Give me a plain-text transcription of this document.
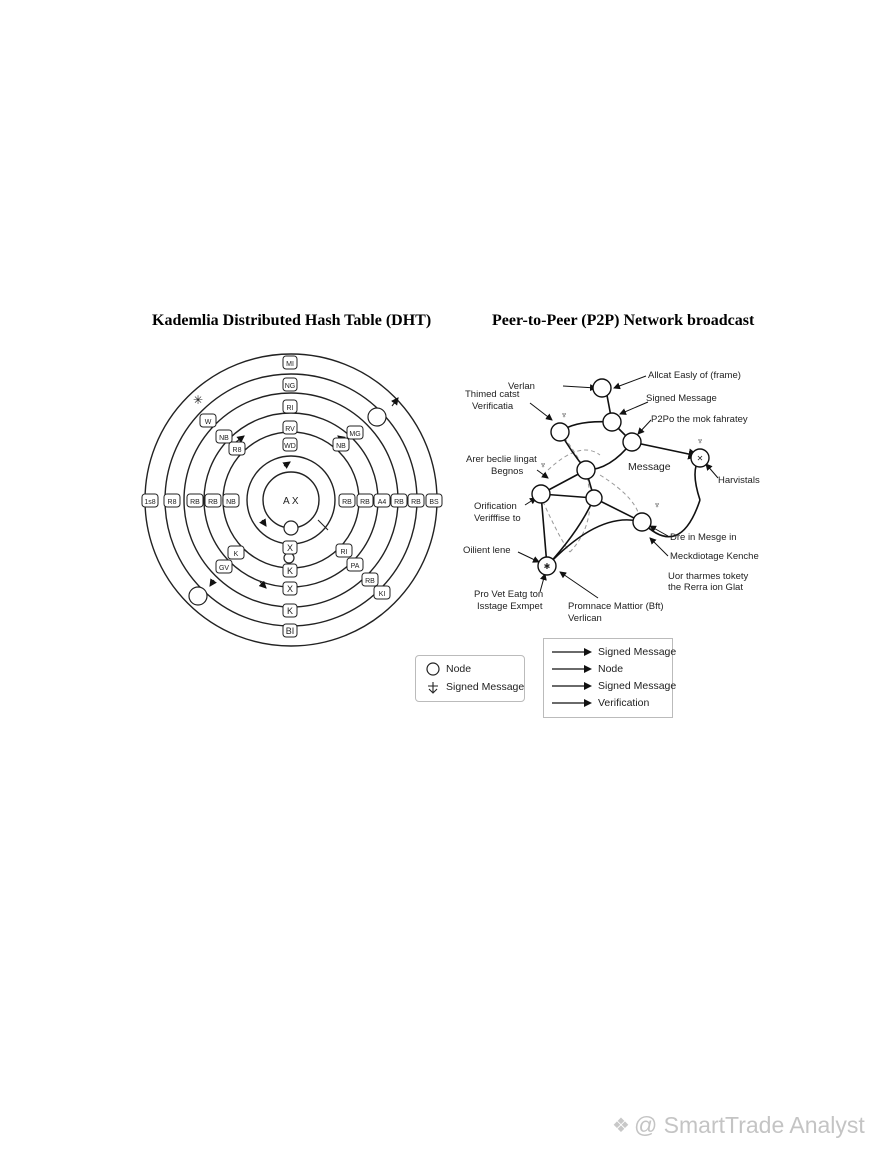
Kademlia Distributed Hash Table (DHT)	Peer-to-Peer (P2P) Network broadcast
✳
A X
MI
NG
RI
RV
WD
X
K
X
K
BI
1s8 R8 RB RB NB	RB RB A4 RB RB BS
W
NB
R8
MG
NB
K
GV
RI
PA
RB
KI
✕
✱
♆
♆
♆
♆
Verlan
Allcat Easly of (frame)
Thimed catst
Verificatia
Signed Message
P2Po the mok fahratey
Message
Arer beclie lingat
Begnos
Harvistals
Orification
Verifffise to
Dre in Mesge in
Meckdiotage Kenche
Oilient lene
Uor tharmes tokety
the Rerra ion Glat
Pro Vet Eatg ton
Isstage Exmpet	Promnace Mattior (Bft)
Verlican
Node
Signed Message
Signed Message
Node
Signed Message
Verification
❖ @ SmartTrade Analyst
